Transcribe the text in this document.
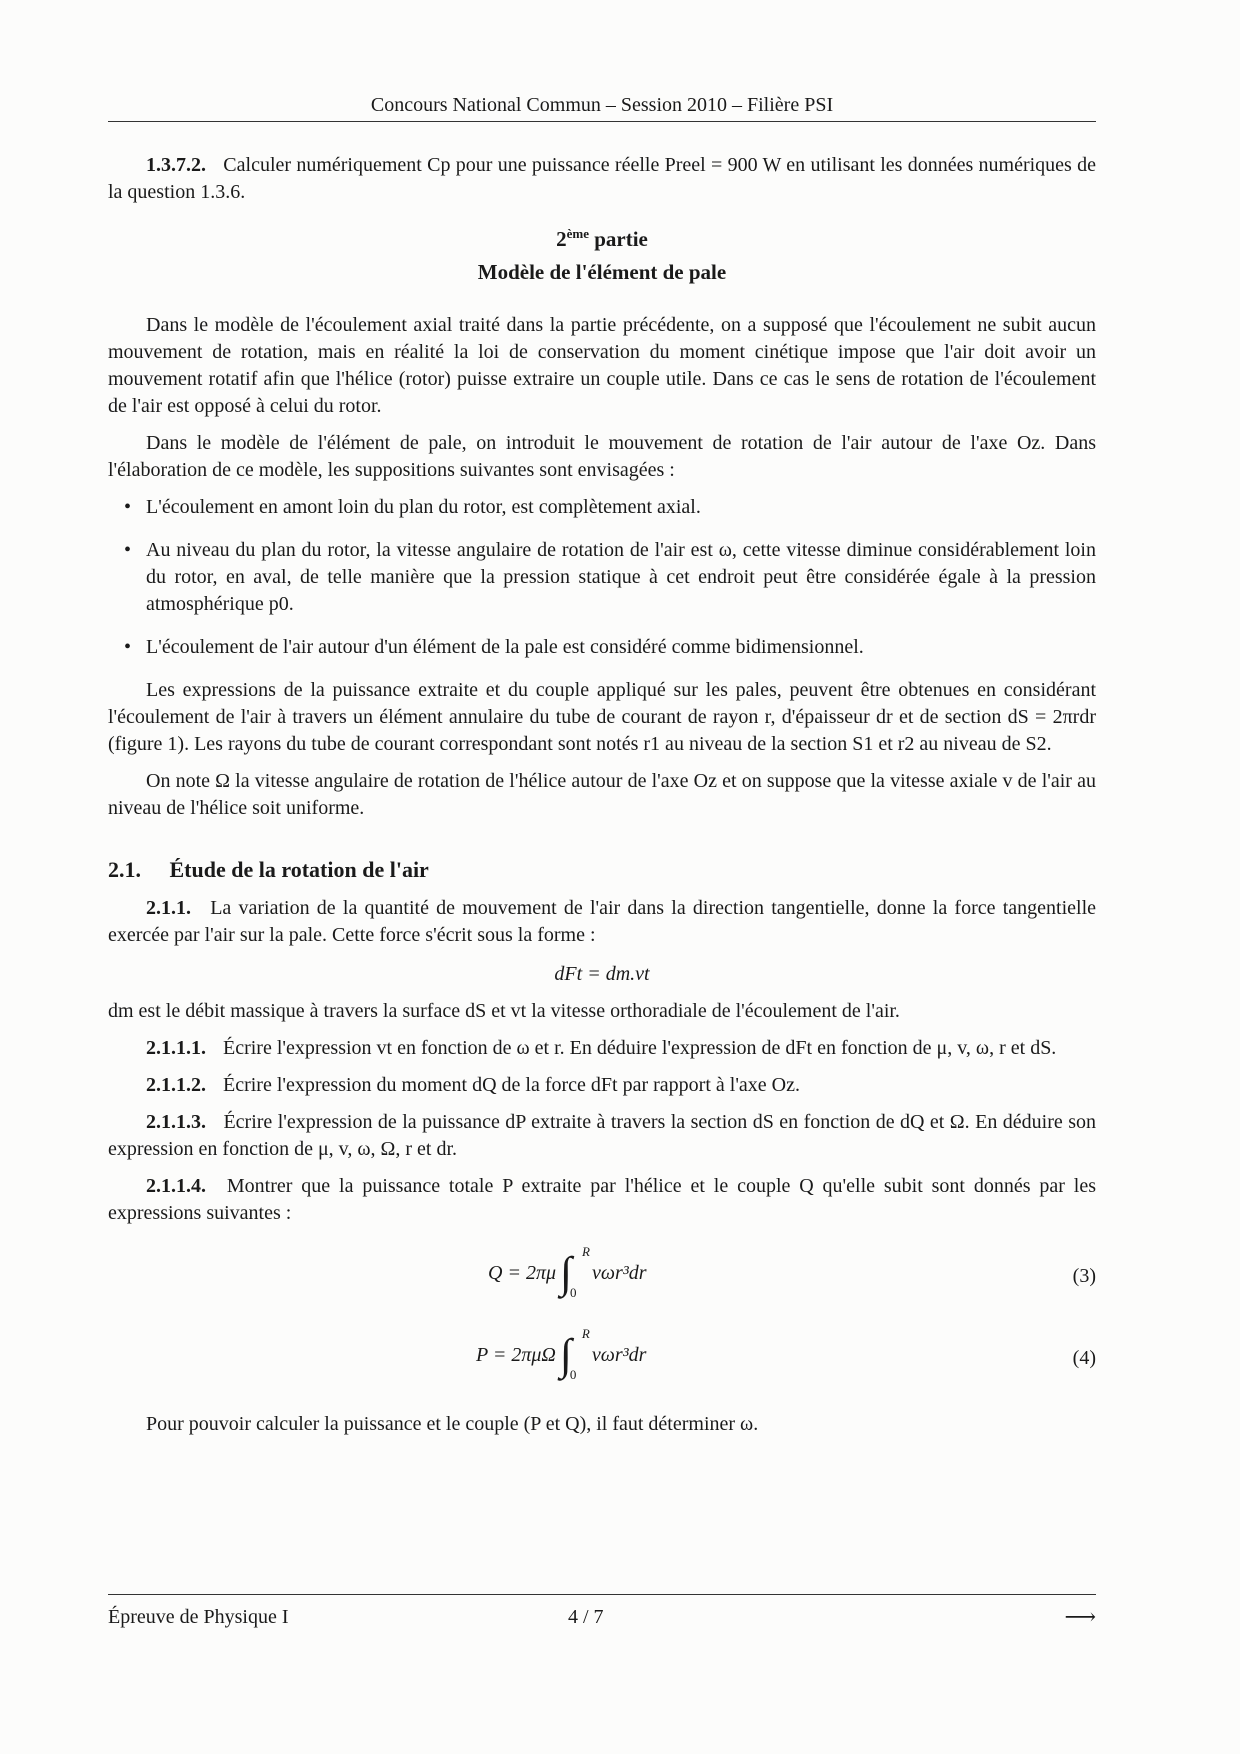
Concours National Commun – Session 2010 – Filière PSI

1.3.7.2. Calculer numériquement Cp pour une puissance réelle Preel = 900 W en utilisant les données numériques de la question 1.3.6.

2ème partie
Modèle de l'élément de pale

Dans le modèle de l'écoulement axial traité dans la partie précédente, on a supposé que l'écoulement ne subit aucun mouvement de rotation, mais en réalité la loi de conservation du moment cinétique impose que l'air doit avoir un mouvement rotatif afin que l'hélice (rotor) puisse extraire un couple utile. Dans ce cas le sens de rotation de l'écoulement de l'air est opposé à celui du rotor.

Dans le modèle de l'élément de pale, on introduit le mouvement de rotation de l'air autour de l'axe Oz. Dans l'élaboration de ce modèle, les suppositions suivantes sont envisagées :

• L'écoulement en amont loin du plan du rotor, est complètement axial.
• Au niveau du plan du rotor, la vitesse angulaire de rotation de l'air est ω, cette vitesse diminue considérablement loin du rotor, en aval, de telle manière que la pression statique à cet endroit peut être considérée égale à la pression atmosphérique p0.
• L'écoulement de l'air autour d'un élément de la pale est considéré comme bidimensionnel.

Les expressions de la puissance extraite et du couple appliqué sur les pales, peuvent être obtenues en considérant l'écoulement de l'air à travers un élément annulaire du tube de courant de rayon r, d'épaisseur dr et de section dS = 2πrdr (figure 1). Les rayons du tube de courant correspondant sont notés r1 au niveau de la section S1 et r2 au niveau de S2.

On note Ω la vitesse angulaire de rotation de l'hélice autour de l'axe Oz et on suppose que la vitesse axiale v de l'air au niveau de l'hélice soit uniforme.

2.1. Étude de la rotation de l'air

2.1.1. La variation de la quantité de mouvement de l'air dans la direction tangentielle, donne la force tangentielle exercée par l'air sur la pale. Cette force s'écrit sous la forme :

dFt = dm.vt

dm est le débit massique à travers la surface dS et vt la vitesse orthoradiale de l'écoulement de l'air.

2.1.1.1. Écrire l'expression vt en fonction de ω et r. En déduire l'expression de dFt en fonction de μ, v, ω, r et dS.

2.1.1.2. Écrire l'expression du moment dQ de la force dFt par rapport à l'axe Oz.

2.1.1.3. Écrire l'expression de la puissance dP extraite à travers la section dS en fonction de dQ et Ω. En déduire son expression en fonction de μ, v, ω, Ω, r et dr.

2.1.1.4. Montrer que la puissance totale P extraite par l'hélice et le couple Q qu'elle subit sont donnés par les expressions suivantes :

Q = 2πμ ∫ R
0
vωr³dr	(3)
P = 2πμΩ ∫ R
0
vωr³dr	(4)

Pour pouvoir calculer la puissance et le couple (P et Q), il faut déterminer ω.

Épreuve de Physique I	4 / 7	⟶
